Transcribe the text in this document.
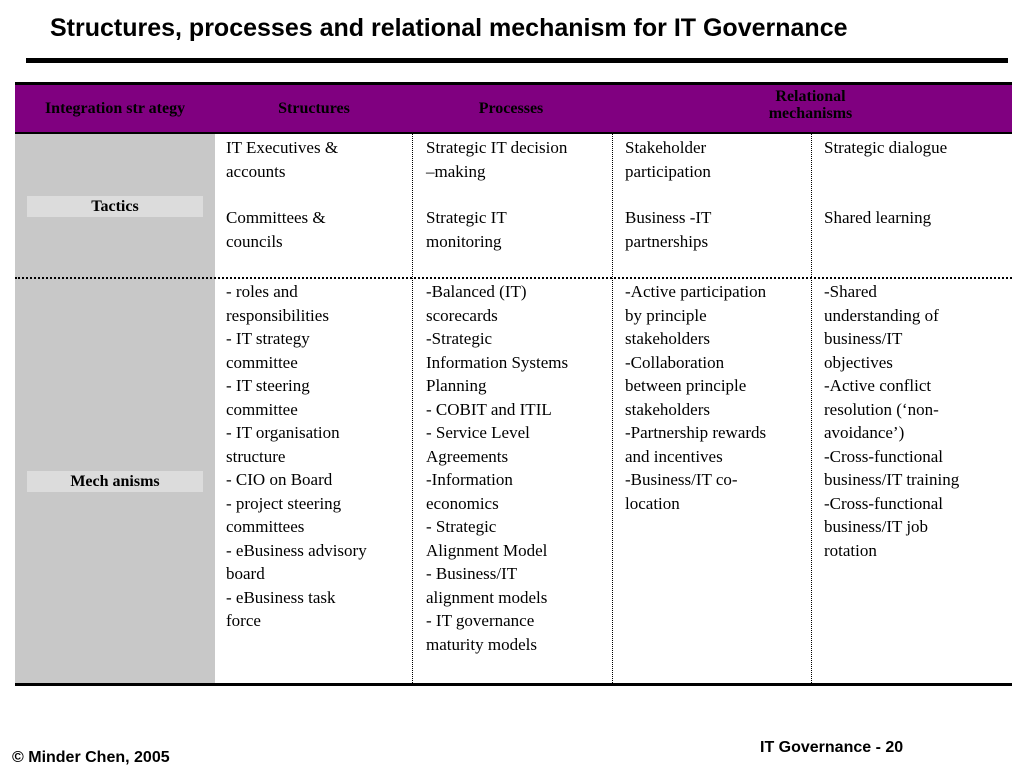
Structures, processes and relational mechanism for IT Governance
Integration str ategy	Structures	Processes
Relational
mechanisms
Tactics
Mech anisms
IT Executives &
accounts
Strategic IT decision
–making
Stakeholder
participation
Strategic dialogue
Committees &
councils
Strategic IT
monitoring
Business -IT
partnerships
Shared learning
- roles and
responsibilities
- IT strategy
committee
- IT steering
committee
- IT organisation
structure
- CIO on Board
- project steering
committees
- eBusiness advisory
board
- eBusiness task
force
-Balanced (IT)
scorecards
-Strategic
Information Systems
Planning
- COBIT and ITIL
- Service Level
Agreements
-Information
economics
- Strategic
Alignment Model
- Business/IT
alignment models
- IT governance
maturity models
-Active participation
by principle
stakeholders
-Collaboration
between principle
stakeholders
-Partnership rewards
and incentives
-Business/IT co-
location
-Shared
understanding of
business/IT
objectives
-Active conflict
resolution (‘non-
avoidance’)
-Cross-functional
business/IT training
-Cross-functional
business/IT job
rotation
© Minder Chen, 2005
IT Governance - 20
